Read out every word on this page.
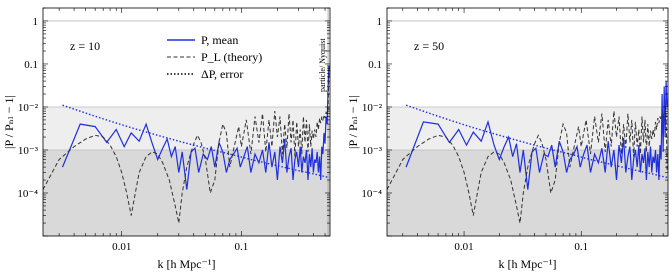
particle/ Nyquist
0.01	0.1
1
0.1
10⁻²
10⁻³
10⁻⁴
k [h Mpc⁻¹]
|P / Pₙₗ − 1|
z = 10	P, mean
P_L (theory)
ΔP, error
0.01	0.1
1
0.1
10⁻²
10⁻³
10⁻⁴
k [h Mpc⁻¹]
|P / Pₙₗ − 1|
z = 50
